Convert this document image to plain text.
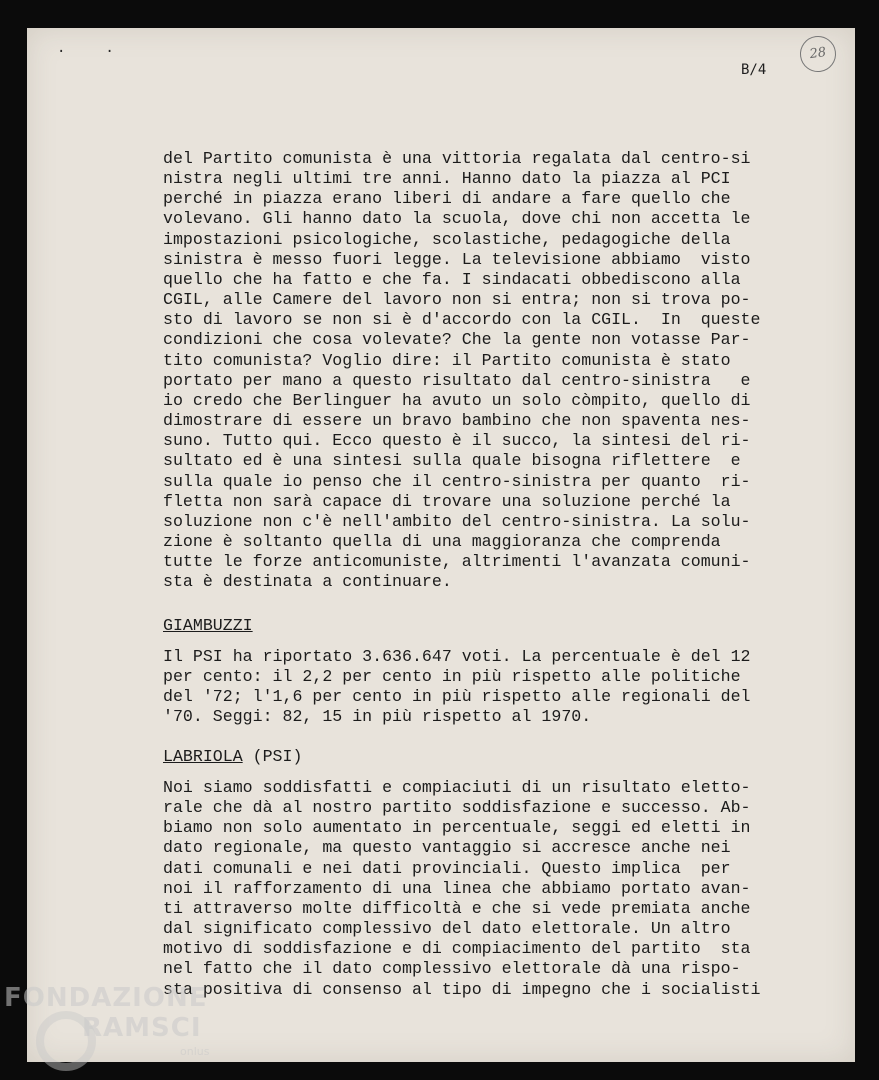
··
B/4
28
del Partito comunista è una vittoria regalata dal centro-si
nistra negli ultimi tre anni. Hanno dato la piazza al PCI
perché in piazza erano liberi di andare a fare quello che
volevano. Gli hanno dato la scuola, dove chi non accetta le
impostazioni psicologiche, scolastiche, pedagogiche della
sinistra è messo fuori legge. La televisione abbiamo  visto
quello che ha fatto e che fa. I sindacati obbediscono alla
CGIL, alle Camere del lavoro non si entra; non si trova po-
sto di lavoro se non si è d'accordo con la CGIL.  In  queste
condizioni che cosa volevate? Che la gente non votasse Par-
tito comunista? Voglio dire: il Partito comunista è stato
portato per mano a questo risultato dal centro-sinistra   e
io credo che Berlinguer ha avuto un solo còmpito, quello di
dimostrare di essere un bravo bambino che non spaventa nes-
suno. Tutto qui. Ecco questo è il succo, la sintesi del ri-
sultato ed è una sintesi sulla quale bisogna riflettere  e
sulla quale io penso che il centro-sinistra per quanto  ri-
fletta non sarà capace di trovare una soluzione perché la
soluzione non c'è nell'ambito del centro-sinistra. La solu-
zione è soltanto quella di una maggioranza che comprenda
tutte le forze anticomuniste, altrimenti l'avanzata comuni-
sta è destinata a continuare.
GIAMBUZZI
Il PSI ha riportato 3.636.647 voti. La percentuale è del 12
per cento: il 2,2 per cento in più rispetto alle politiche
del '72; l'1,6 per cento in più rispetto alle regionali del
'70. Seggi: 82, 15 in più rispetto al 1970.
LABRIOLA (PSI)
Noi siamo soddisfatti e compiaciuti di un risultato eletto-
rale che dà al nostro partito soddisfazione e successo. Ab-
biamo non solo aumentato in percentuale, seggi ed eletti in
dato regionale, ma questo vantaggio si accresce anche nei
dati comunali e nei dati provinciali. Questo implica  per
noi il rafforzamento di una linea che abbiamo portato avan-
ti attraverso molte difficoltà e che si vede premiata anche
dal significato complessivo del dato elettorale. Un altro
motivo di soddisfazione e di compiacimento del partito  sta
nel fatto che il dato complessivo elettorale dà una rispo-
sta positiva di consenso al tipo di impegno che i socialisti
FONDAZIONE
RAMSCI
onlus
